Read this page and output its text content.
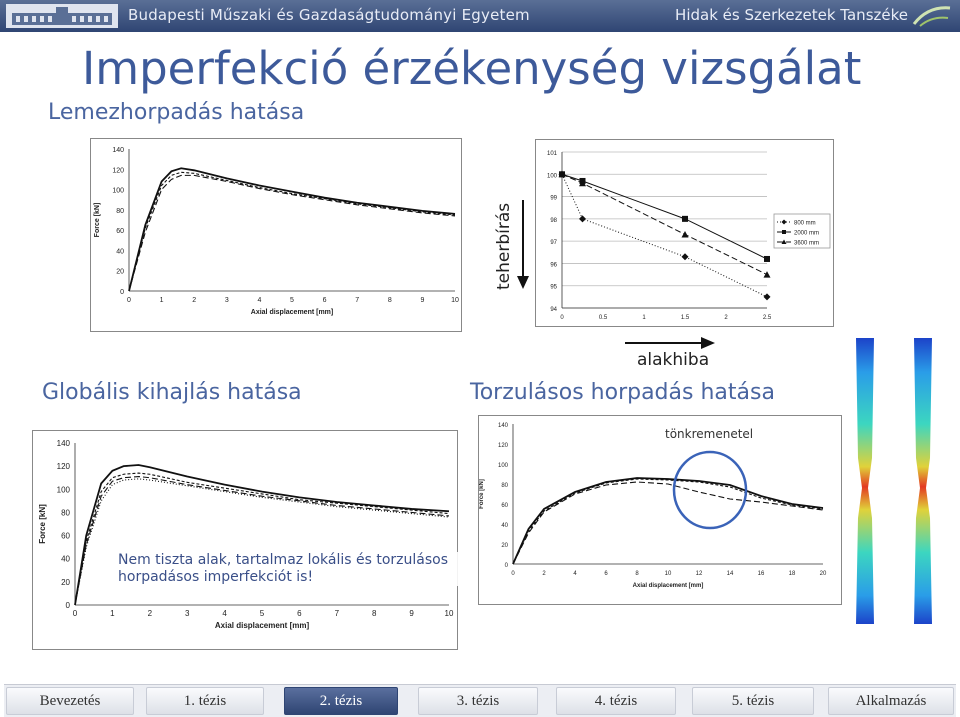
Budapesti Műszaki és Gazdaságtudományi Egyetem	Hidak és Szerkezetek Tanszéke
Imperfekció érzékenység vizsgálat
Lemezhorpadás hatása
0	1	2	3	4	5	6	7	8	9	10
0
20
40
60
80
100
120
140
Axial displacement [mm]
Force [kN]	teherbírás
0	0.5	1	1.5	2	2.5
94
95
96
97
98
99
100
101
800 mm
2000 mm
3600 mm
Globális kihajlás hatása
alakhiba
Torzulásos horpadás hatása
0	1	2	3	4	5	6	7	8	9	10
0
20
40
60
80
100
120
140
Axial displacement [mm]
Force [kN]
Nem tiszta alak, tartalmaz lokális és torzulásos horpadásos imperfekciót is!	0	2	4	6	8	10	12	14	16	18	20
0
20
40
60
80
100
120
140
Axial displacement [mm]
Force [kN]
tönkremenetel
Bevezetés	1. tézis	2. tézis	3. tézis	4. tézis	5. tézis	Alkalmazás
